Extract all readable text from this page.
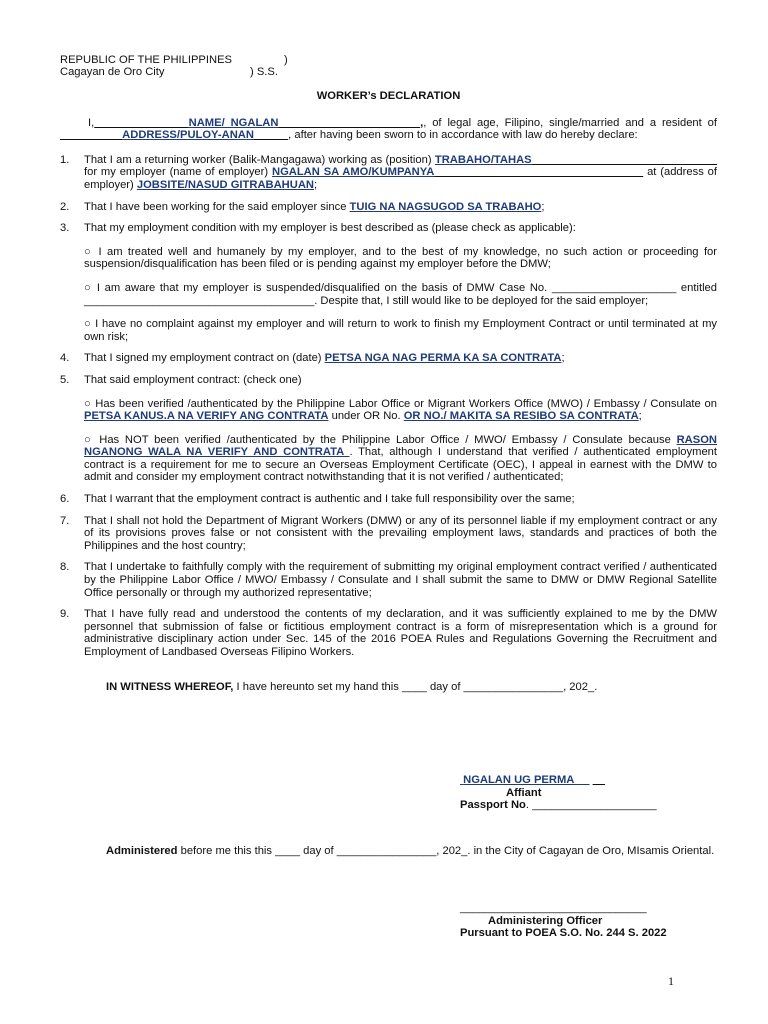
REPUBLIC OF THE PHILIPPINES	)
Cagayan de Oro City	) S.S.
WORKER’s DECLARATION
I,	NAME/ NGALAN	,, of legal age, Filipino, single/married and a resident of                     ADDRESS/PULOY-ANAN	, after having been sworn to in accordance with law do hereby declare:
1. That I am a returning worker (Balik-Mangagawa) working as (position) TRABAHO/TAHAS                                                         for my employer (name of employer) NGALAN SA AMO/KUMPANYA	at (address of employer) JOBSITE/NASUD GITRABAHUAN;
2. That I have been working for the said employer since TUIG NA NAGSUGOD SA TRABAHO;
3. That my employment condition with my employer is best described as (please check as applicable):
○ I am treated well and humanely by my employer, and to the best of my knowledge, no such action or proceeding for suspension/disqualification has been filed or is pending against my employer before the DMW;
○ I am aware that my employer is suspended/disqualified on the basis of DMW Case No. ____________________ entitled _____________________________________. Despite that, I still would like to be deployed for the said employer;
○ I have no complaint against my employer and will return to work to finish my Employment Contract or until terminated at my own risk;
4. That I signed my employment contract on (date) PETSA NGA NAG PERMA KA SA CONTRATA;
5. That said employment contract: (check one)
○ Has been verified /authenticated by the Philippine Labor Office or Migrant Workers Office (MWO) / Embassy / Consulate on PETSA KANUS.A NA VERIFY ANG CONTRATA under OR No. OR NO./ MAKITA SA RESIBO SA CONTRATA;
○ Has NOT been verified /authenticated by the Philippine Labor Office / MWO/ Embassy / Consulate because RASON NGANONG WALA NA VERIFY AND CONTRATA . That, although I understand that verified / authenticated employment contract is a requirement for me to secure an Overseas Employment Certificate (OEC), I appeal in earnest with the DMW to admit and consider my employment contract notwithstanding that it is not verified / authenticated;
6. That I warrant that the employment contract is authentic and I take full responsibility over the same;
7. That I shall not hold the Department of Migrant Workers (DMW) or any of its personnel liable if my employment contract or any of its provisions proves false or not consistent with the prevailing employment laws, standards and practices of both the Philippines and the host country;
8. That I undertake to faithfully comply with the requirement of submitting my original employment contract verified / authenticated by the Philippine Labor Office / MWO/ Embassy / Consulate and I shall submit the same to DMW or DMW Regional Satellite Office personally or through my authorized representative;
9. That I have fully read and understood the contents of my declaration, and it was sufficiently explained to me by the DMW personnel that submission of false or fictitious employment contract is a form of misrepresentation which is a ground for administrative disciplinary action under Sec. 145 of the 2016 POEA Rules and Regulations Governing the Recruitment and Employment of Landbased Overseas Filipino Workers.
IN WITNESS WHEREOF, I have hereunto set my hand this ____ day of ________________, 202_.
NGALAN UG PERMA
Affiant
Passport No. ____________________
Administered before me this this ____ day of ________________, 202_. in the City of Cagayan de Oro, MIsamis Oriental.
______________________________
Administering Officer
Pursuant to POEA S.O. No. 244 S. 2022
1
